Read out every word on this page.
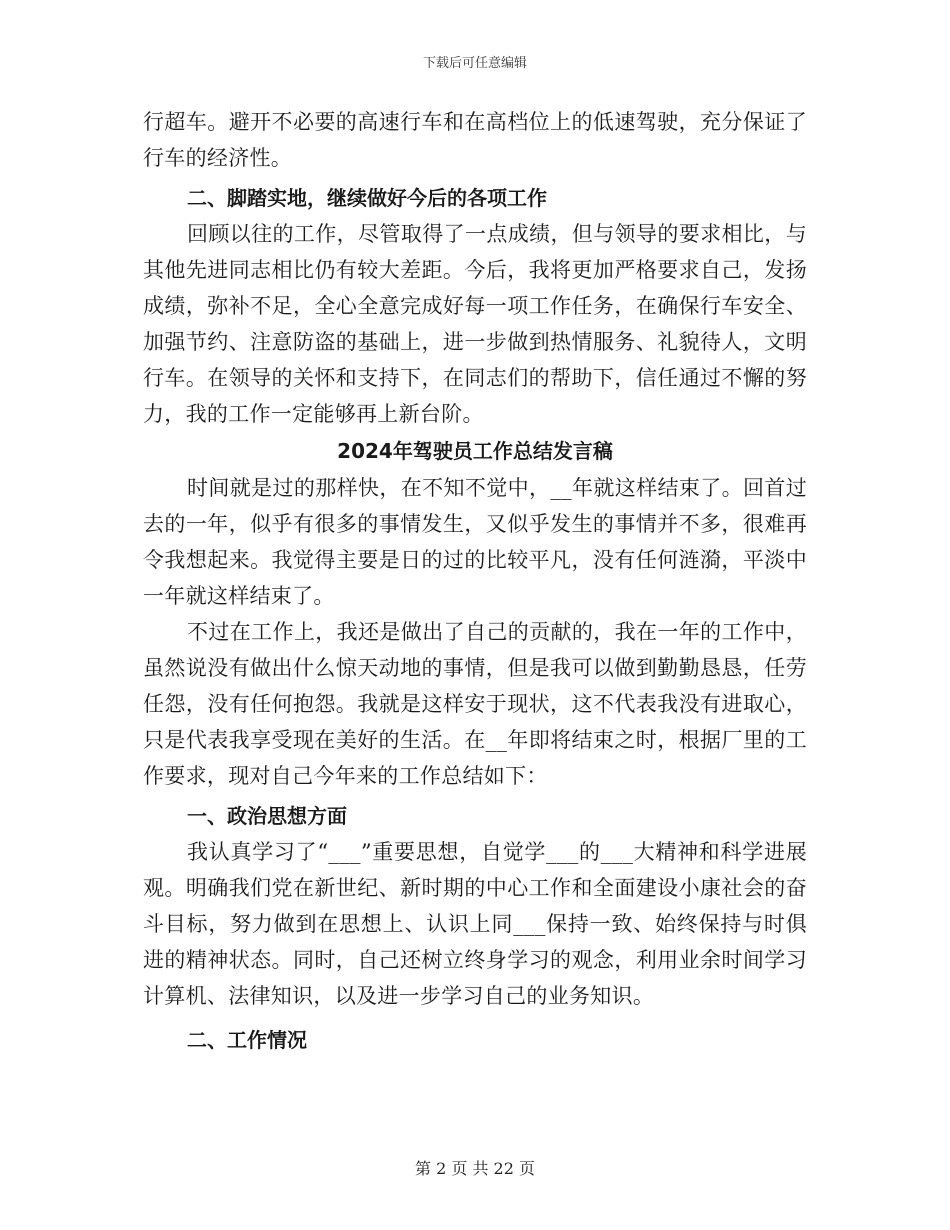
下载后可任意编辑

行超车。避开不必要的高速行车和在高档位上的低速驾驶，充分保证了行车的经济性。

二、脚踏实地，继续做好今后的各项工作

回顾以往的工作，尽管取得了一点成绩，但与领导的要求相比，与其他先进同志相比仍有较大差距。今后，我将更加严格要求自己，发扬成绩，弥补不足，全心全意完成好每一项工作任务，在确保行车安全、加强节约、注意防盗的基础上，进一步做到热情服务、礼貌待人，文明行车。在领导的关怀和支持下，在同志们的帮助下，信任通过不懈的努力，我的工作一定能够再上新台阶。

2024年驾驶员工作总结发言稿

时间就是过的那样快，在不知不觉中，__年就这样结束了。回首过去的一年，似乎有很多的事情发生，又似乎发生的事情并不多，很难再令我想起来。我觉得主要是日的过的比较平凡，没有任何涟漪，平淡中一年就这样结束了。

不过在工作上，我还是做出了自己的贡献的，我在一年的工作中，虽然说没有做出什么惊天动地的事情，但是我可以做到勤勤恳恳，任劳任怨，没有任何抱怨。我就是这样安于现状，这不代表我没有进取心，只是代表我享受现在美好的生活。在__年即将结束之时，根据厂里的工作要求，现对自己今年来的工作总结如下：

一、政治思想方面

我认真学习了“___”重要思想，自觉学___的___大精神和科学进展观。明确我们党在新世纪、新时期的中心工作和全面建设小康社会的奋斗目标，努力做到在思想上、认识上同___保持一致、始终保持与时俱进的精神状态。同时，自己还树立终身学习的观念，利用业余时间学习计算机、法律知识，以及进一步学习自己的业务知识。

二、工作情况

第 2 页 共 22 页
